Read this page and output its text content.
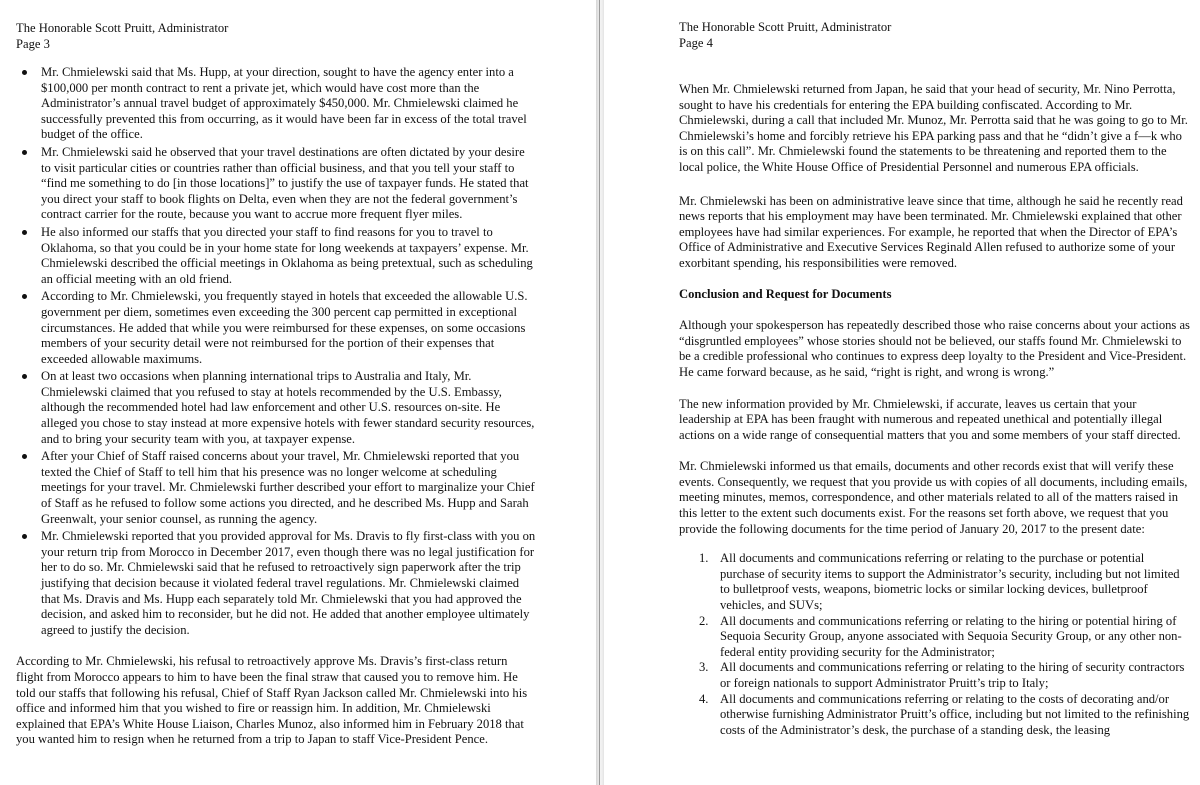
The Honorable Scott Pruitt, Administrator
Page 3
Mr. Chmielewski said that Ms. Hupp, at your direction, sought to have the agency enter into a $100,000 per month contract to rent a private jet, which would have cost more than the Administrator’s annual travel budget of approximately $450,000. Mr. Chmielewski claimed he successfully prevented this from occurring, as it would have been far in excess of the total travel budget of the office.
Mr. Chmielewski said he observed that your travel destinations are often dictated by your desire to visit particular cities or countries rather than official business, and that you tell your staff to “find me something to do [in those locations]” to justify the use of taxpayer funds. He stated that you direct your staff to book flights on Delta, even when they are not the federal government’s contract carrier for the route, because you want to accrue more frequent flyer miles.
He also informed our staffs that you directed your staff to find reasons for you to travel to Oklahoma, so that you could be in your home state for long weekends at taxpayers’ expense. Mr. Chmielewski described the official meetings in Oklahoma as being pretextual, such as scheduling an official meeting with an old friend.
According to Mr. Chmielewski, you frequently stayed in hotels that exceeded the allowable U.S. government per diem, sometimes even exceeding the 300 percent cap permitted in exceptional circumstances. He added that while you were reimbursed for these expenses, on some occasions members of your security detail were not reimbursed for the portion of their expenses that exceeded allowable maximums.
On at least two occasions when planning international trips to Australia and Italy, Mr. Chmielewski claimed that you refused to stay at hotels recommended by the U.S. Embassy, although the recommended hotel had law enforcement and other U.S. resources on-site. He alleged you chose to stay instead at more expensive hotels with fewer standard security resources, and to bring your security team with you, at taxpayer expense.
After your Chief of Staff raised concerns about your travel, Mr. Chmielewski reported that you texted the Chief of Staff to tell him that his presence was no longer welcome at scheduling meetings for your travel. Mr. Chmielewski further described your effort to marginalize your Chief of Staff as he refused to follow some actions you directed, and he described Ms. Hupp and Sarah Greenwalt, your senior counsel, as running the agency.
Mr. Chmielewski reported that you provided approval for Ms. Dravis to fly first-class with you on your return trip from Morocco in December 2017, even though there was no legal justification for her to do so. Mr. Chmielewski said that he refused to retroactively sign paperwork after the trip justifying that decision because it violated federal travel regulations. Mr. Chmielewski claimed that Ms. Dravis and Ms. Hupp each separately told Mr. Chmielewski that you had approved the decision, and asked him to reconsider, but he did not. He added that another employee ultimately agreed to justify the decision.

According to Mr. Chmielewski, his refusal to retroactively approve Ms. Dravis’s first-class return flight from Morocco appears to him to have been the final straw that caused you to remove him. He told our staffs that following his refusal, Chief of Staff Ryan Jackson called Mr. Chmielewski into his office and informed him that you wished to fire or reassign him. In addition, Mr. Chmielewski explained that EPA’s White House Liaison, Charles Munoz, also informed him in February 2018 that you wanted him to resign when he returned from a trip to Japan to staff Vice-President Pence.

The Honorable Scott Pruitt, Administrator
Page 4

When Mr. Chmielewski returned from Japan, he said that your head of security, Mr. Nino Perrotta, sought to have his credentials for entering the EPA building confiscated. According to Mr. Chmielewski, during a call that included Mr. Munoz, Mr. Perrotta said that he was going to go to Mr. Chmielewski’s home and forcibly retrieve his EPA parking pass and that he “didn’t give a f—k who is on this call”. Mr. Chmielewski found the statements to be threatening and reported them to the local police, the White House Office of Presidential Personnel and numerous EPA officials.

Mr. Chmielewski has been on administrative leave since that time, although he said he recently read news reports that his employment may have been terminated. Mr. Chmielewski explained that other employees have had similar experiences. For example, he reported that when the Director of EPA’s Office of Administrative and Executive Services Reginald Allen refused to authorize some of your exorbitant spending, his responsibilities were removed.

Conclusion and Request for Documents

Although your spokesperson has repeatedly described those who raise concerns about your actions as “disgruntled employees” whose stories should not be believed, our staffs found Mr. Chmielewski to be a credible professional who continues to express deep loyalty to the President and Vice-President. He came forward because, as he said, “right is right, and wrong is wrong.”

The new information provided by Mr. Chmielewski, if accurate, leaves us certain that your leadership at EPA has been fraught with numerous and repeated unethical and potentially illegal actions on a wide range of consequential matters that you and some members of your staff directed.

Mr. Chmielewski informed us that emails, documents and other records exist that will verify these events. Consequently, we request that you provide us with copies of all documents, including emails, meeting minutes, memos, correspondence, and other materials related to all of the matters raised in this letter to the extent such documents exist. For the reasons set forth above, we request that you provide the following documents for the time period of January 20, 2017 to the present date:

1. All documents and communications referring or relating to the purchase or potential purchase of security items to support the Administrator’s security, including but not limited to bulletproof vests, weapons, biometric locks or similar locking devices, bulletproof vehicles, and SUVs;
2. All documents and communications referring or relating to the hiring or potential hiring of Sequoia Security Group, anyone associated with Sequoia Security Group, or any other non-federal entity providing security for the Administrator;
3. All documents and communications referring or relating to the hiring of security contractors or foreign nationals to support Administrator Pruitt’s trip to Italy;
4. All documents and communications referring or relating to the costs of decorating and/or otherwise furnishing Administrator Pruitt’s office, including but not limited to the refinishing costs of the Administrator’s desk, the purchase of a standing desk, the leasing
